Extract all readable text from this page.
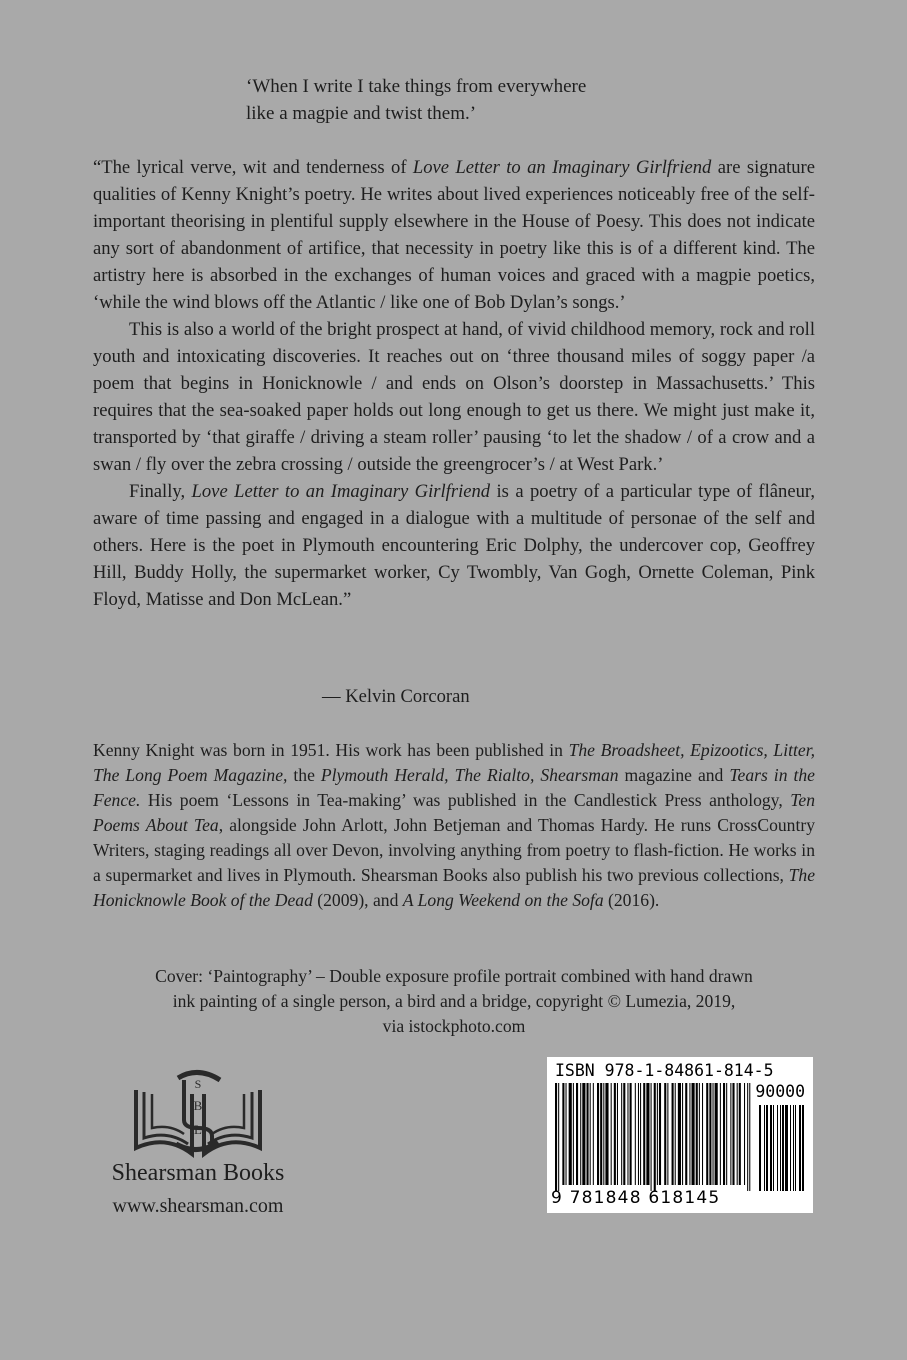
‘When I write I take things from everywhere
like a magpie and twist them.’

“The lyrical verve, wit and tenderness of Love Letter to an Imaginary Girlfriend are signature qualities of Kenny Knight’s poetry. He writes about lived experiences noticeably free of the self-important theorising in plentiful supply elsewhere in the House of Poesy. This does not indicate any sort of abandonment of artifice, that necessity in poetry like this is of a different kind. The artistry here is absorbed in the exchanges of human voices and graced with a magpie poetics, ‘while the wind blows off the Atlantic / like one of Bob Dylan’s songs.’

This is also a world of the bright prospect at hand, of vivid childhood memory, rock and roll youth and intoxicating discoveries. It reaches out on ‘three thousand miles of soggy paper /a poem that begins in Honicknowle / and ends on Olson’s doorstep in Massachusetts.’ This requires that the sea-soaked paper holds out long enough to get us there. We might just make it, transported by ‘that giraffe / driving a steam roller’ pausing ‘to let the shadow / of a crow and a swan / fly over the zebra crossing / outside the greengrocer’s / at West Park.’

Finally, Love Letter to an Imaginary Girlfriend is a poetry of a particular type of flâneur, aware of time passing and engaged in a dialogue with a multitude of personae of the self and others. Here is the poet in Plymouth encountering Eric Dolphy, the undercover cop, Geoffrey Hill, Buddy Holly, the supermarket worker, Cy Twombly, Van Gogh, Ornette Coleman, Pink Floyd, Matisse and Don McLean.”

— Kelvin Corcoran

Kenny Knight was born in 1951. His work has been published in The Broadsheet, Epizootics, Litter, The Long Poem Magazine, the Plymouth Herald, The Rialto, Shearsman magazine and Tears in the Fence. His poem ‘Lessons in Tea-making’ was published in the Candlestick Press anthology, Ten Poems About Tea, alongside John Arlott, John Betjeman and Thomas Hardy. He runs CrossCountry Writers, staging readings all over Devon, involving anything from poetry to flash-fiction. He works in a supermarket and lives in Plymouth. Shearsman Books also publish his two previous collections, The Honicknowle Book of the Dead (2009), and A Long Weekend on the Sofa (2016).

Cover: ‘Paintography’ – Double exposure profile portrait combined with hand drawn
ink painting of a single person, a bird and a bridge, copyright © Lumezia, 2019,
via istockphoto.com
S
B
L
Shearsman Books
www.shearsman.com
ISBN 978-1-84861-814-5
90000
9 781848 618145
